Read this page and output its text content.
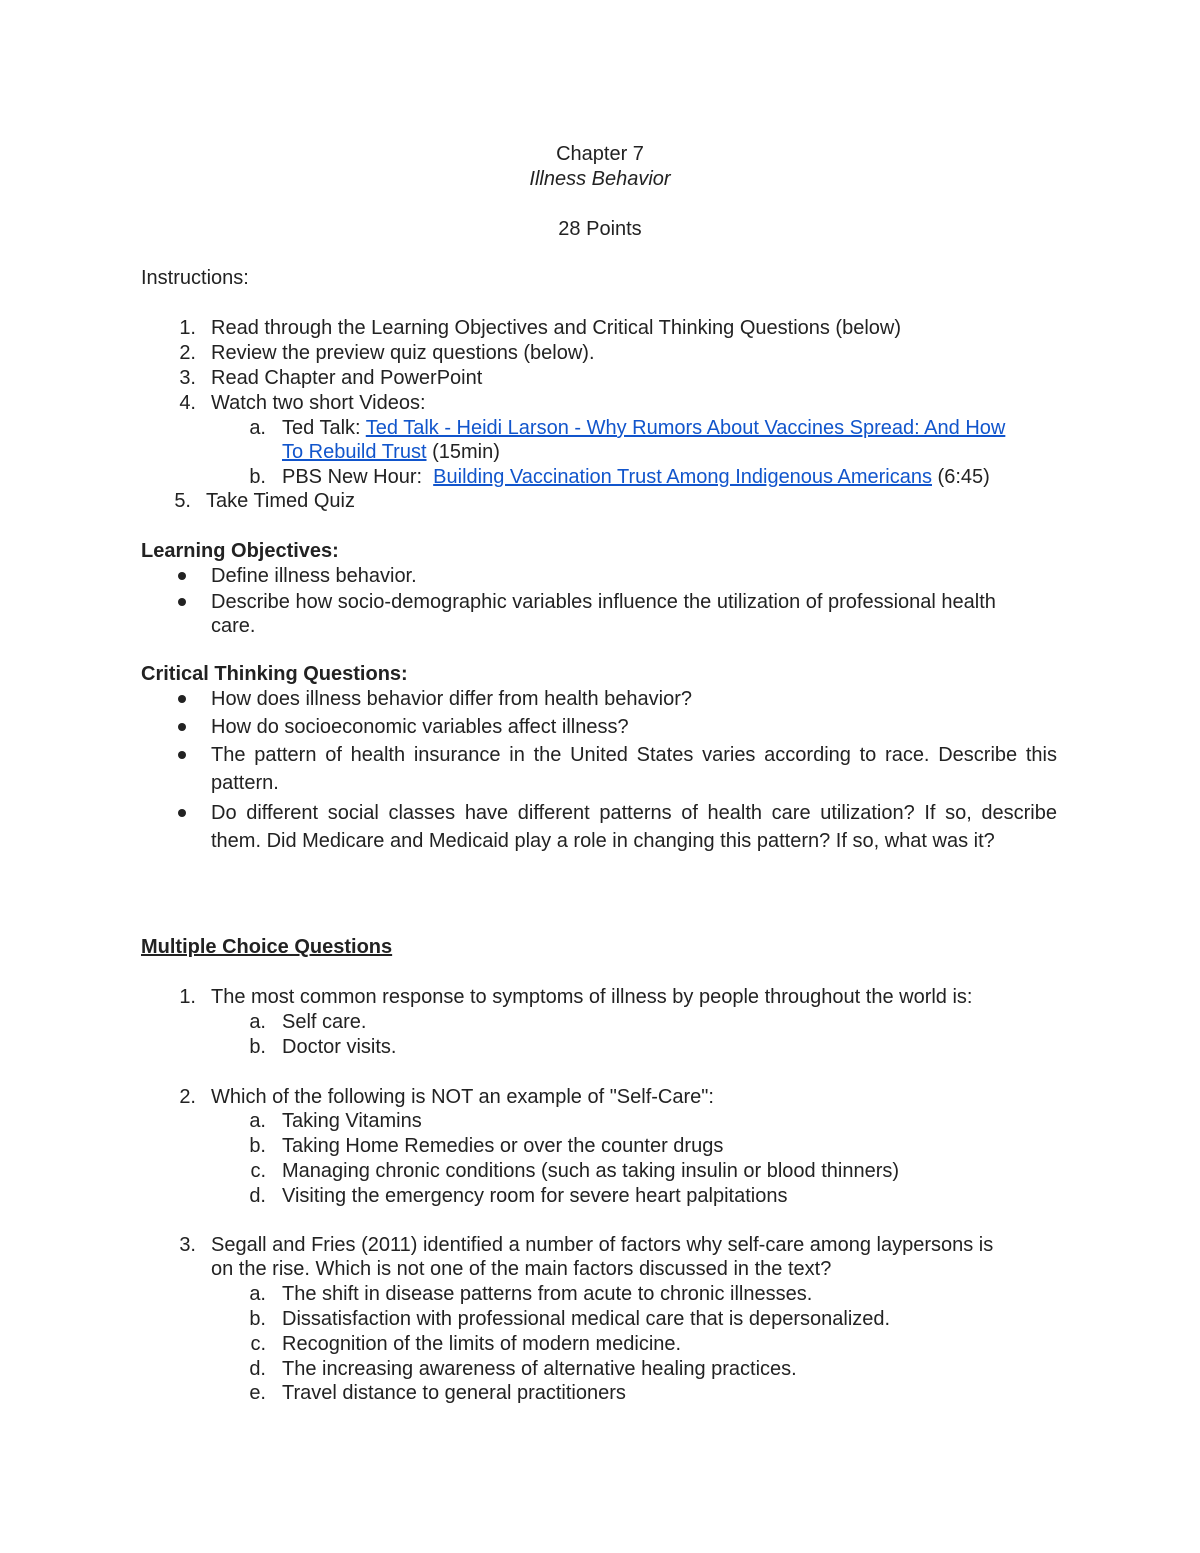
Chapter 7
Illness Behavior
28 Points
Instructions:
1. Read through the Learning Objectives and Critical Thinking Questions (below)
2. Review the preview quiz questions (below).
3. Read Chapter and PowerPoint
4. Watch two short Videos:
a. Ted Talk: Ted Talk - Heidi Larson - Why Rumors About Vaccines Spread: And How
To Rebuild Trust (15min)
b. PBS New Hour:  Building Vaccination Trust Among Indigenous Americans (6:45)
5. Take Timed Quiz
Learning Objectives:
Define illness behavior.
Describe how socio-demographic variables influence the utilization of professional health
care.
Critical Thinking Questions:
How does illness behavior differ from health behavior?
How do socioeconomic variables affect illness?
The pattern of health insurance in the United States varies according to race. Describe this pattern.
Do different social classes have different patterns of health care utilization? If so, describe them. Did Medicare and Medicaid play a role in changing this pattern? If so, what was it?
Multiple Choice Questions
1. The most common response to symptoms of illness by people throughout the world is:
a. Self care.
b. Doctor visits.
2. Which of the following is NOT an example of "Self-Care":
a. Taking Vitamins
b. Taking Home Remedies or over the counter drugs
c. Managing chronic conditions (such as taking insulin or blood thinners)
d. Visiting the emergency room for severe heart palpitations
3. Segall and Fries (2011) identified a number of factors why self-care among laypersons is
on the rise. Which is not one of the main factors discussed in the text?
a. The shift in disease patterns from acute to chronic illnesses.
b. Dissatisfaction with professional medical care that is depersonalized.
c. Recognition of the limits of modern medicine.
d. The increasing awareness of alternative healing practices.
e. Travel distance to general practitioners
